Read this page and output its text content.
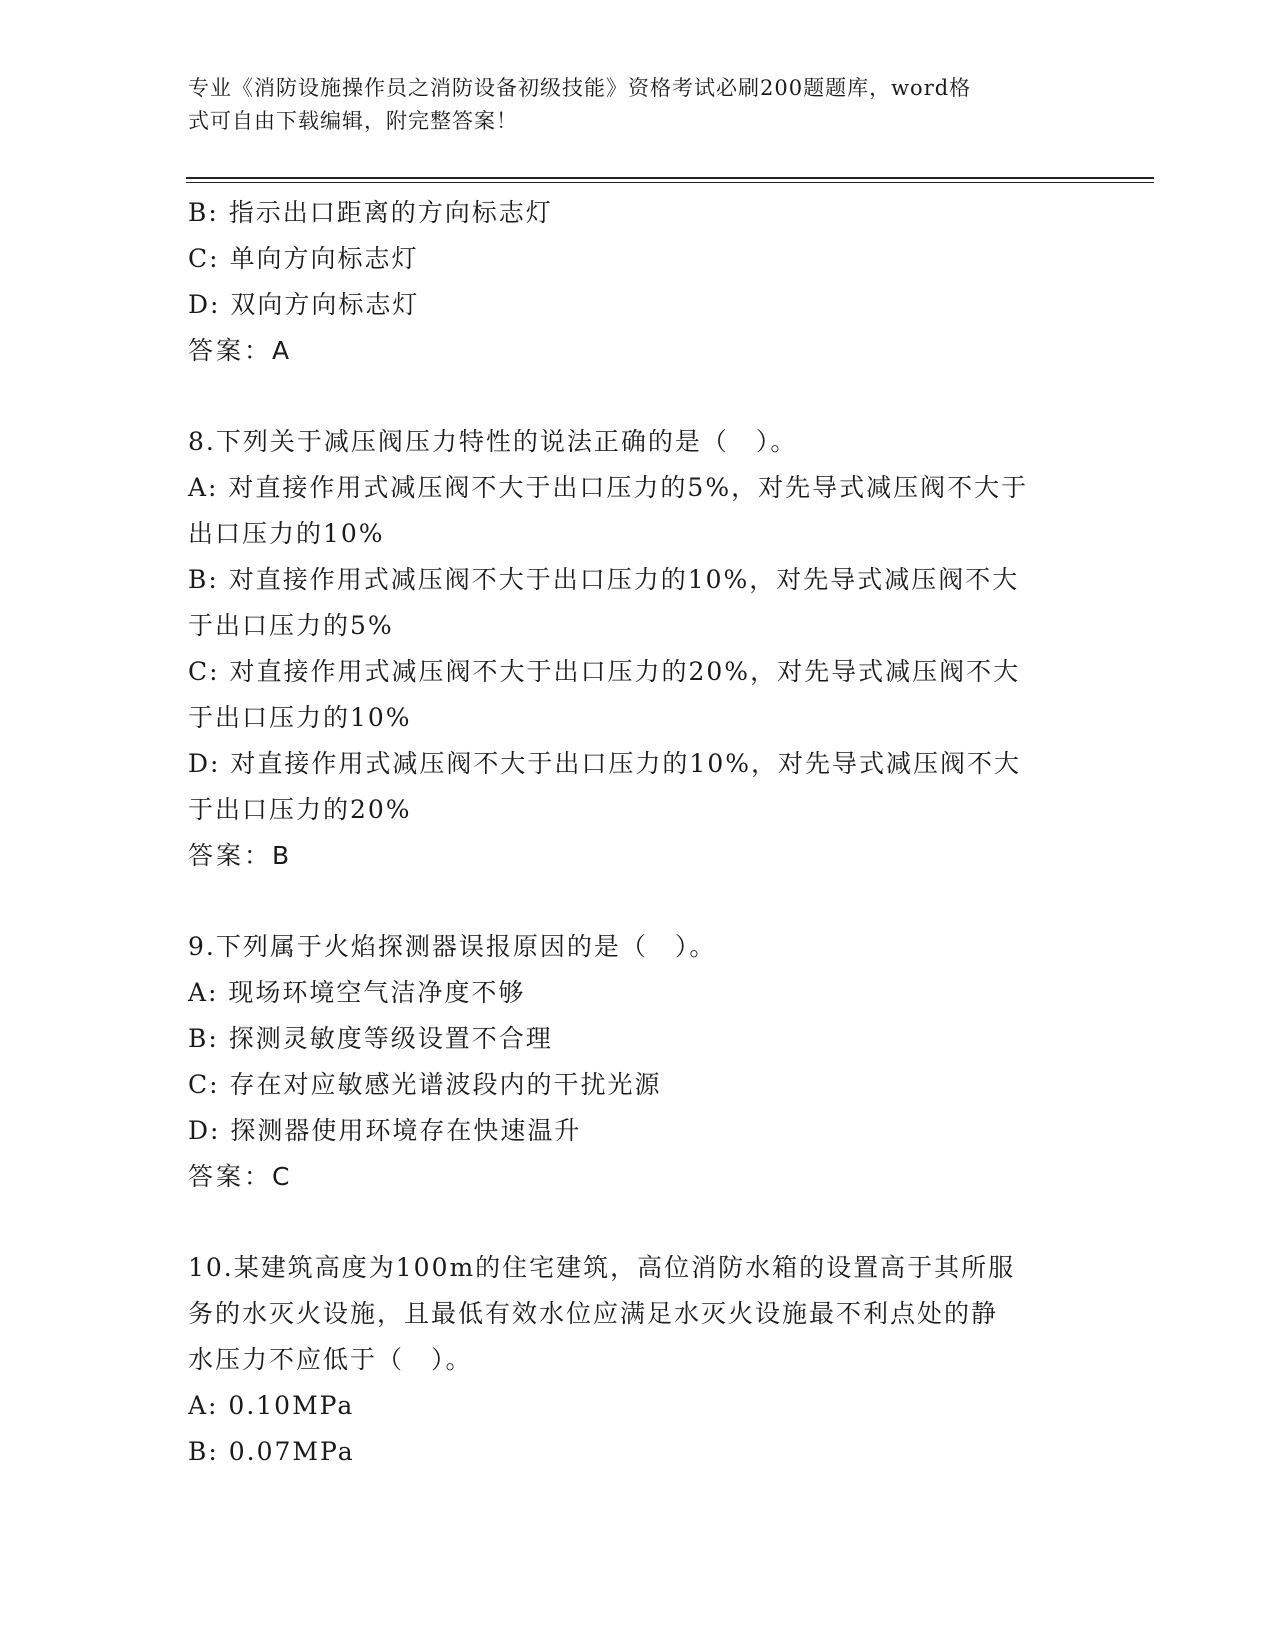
专业《消防设施操作员之消防设备初级技能》资格考试必刷200题题库，word格
式可自由下载编辑，附完整答案！
B: 指示出口距离的方向标志灯
C: 单向方向标志灯
D: 双向方向标志灯
答案：A
8.下列关于减压阀压力特性的说法正确的是（　）。
A: 对直接作用式减压阀不大于出口压力的5%，对先导式减压阀不大于
出口压力的10%
B: 对直接作用式减压阀不大于出口压力的10%，对先导式减压阀不大
于出口压力的5%
C: 对直接作用式减压阀不大于出口压力的20%，对先导式减压阀不大
于出口压力的10%
D: 对直接作用式减压阀不大于出口压力的10%，对先导式减压阀不大
于出口压力的20%
答案：B
9.下列属于火焰探测器误报原因的是（　）。
A: 现场环境空气洁净度不够
B: 探测灵敏度等级设置不合理
C: 存在对应敏感光谱波段内的干扰光源
D: 探测器使用环境存在快速温升
答案：C
10.某建筑高度为100m的住宅建筑，高位消防水箱的设置高于其所服
务的水灭火设施，且最低有效水位应满足水灭火设施最不利点处的静
水压力不应低于（　）。
A: 0.10MPa
B: 0.07MPa
